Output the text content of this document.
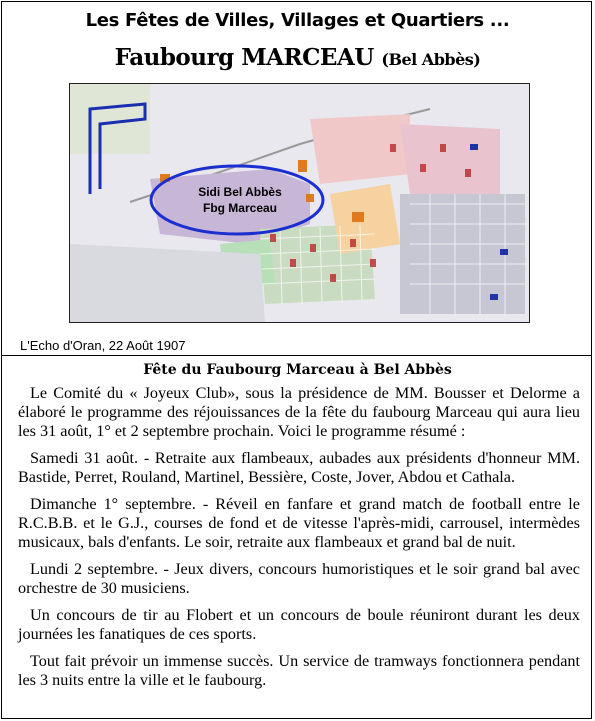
Les Fêtes de Villes, Villages et Quartiers ...
Faubourg MARCEAU (Bel Abbès)
Sidi Bel Abbès
Fbg Marceau
L'Echo d'Oran, 22 Août 1907
Fête du Faubourg Marceau à Bel Abbès

Le Comité du « Joyeux Club», sous la présidence de MM. Bousser et Delorme a élaboré le programme des réjouissances de la fête du faubourg Marceau qui aura lieu les 31 août, 1° et 2 septembre prochain. Voici le programme résumé :

Samedi 31 août. - Retraite aux flambeaux, aubades aux présidents d'honneur MM. Bastide, Perret, Rouland, Martinel, Bessière, Coste, Jover, Abdou et Cathala.

Dimanche 1° septembre. - Réveil en fanfare et grand match de football entre le R.C.B.B. et le G.J., courses de fond et de vitesse l'après-midi, carrousel, intermèdes musicaux, bals d'enfants. Le soir, retraite aux flambeaux et grand bal de nuit.

Lundi 2 septembre. - Jeux divers, concours humoristiques et le soir grand bal avec orchestre de 30 musiciens.

Un concours de tir au Flobert et un concours de boule réuniront durant les deux journées les fanatiques de ces sports.

Tout fait prévoir un immense succès. Un service de tramways fonctionnera pendant les 3 nuits entre la ville et le faubourg.
